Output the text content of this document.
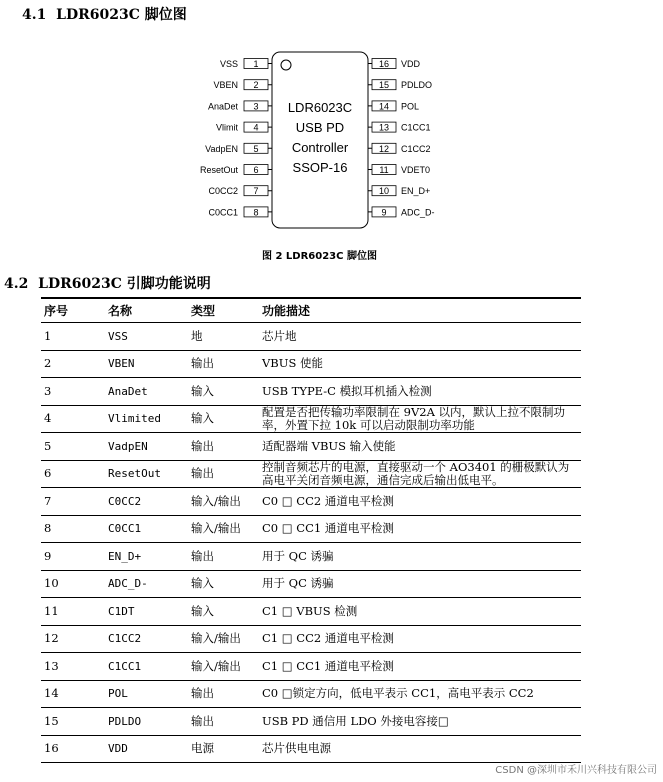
4.1 LDR6023C 脚位图
LDR6023C
USB PD
Controller
SSOP-16
1
VSS
2
VBEN
3
AnaDet
4
Vlimit
5
VadpEN
6
ResetOut
7
C0CC2
8
C0CC1
16 VDD
15 PDLDO
14 POL
13 C1CC1
12 C1CC2
11 VDET0
10 EN_D+
9 ADC_D-
图 2 LDR6023C 脚位图
4.2 LDR6023C 引脚功能说明
序号	名称	类型	功能描述
1	VSS	地	芯片地
2	VBEN	输出	VBUS 使能
3	AnaDet	输入	USB TYPE-C 模拟耳机插入检测
4	Vlimited	输入	配置是否把传输功率限制在 9V2A 以内，默认上拉不限制功率，外置下拉 10k 可以启动限制功率功能
5	VadpEN	输出	适配器端 VBUS 输入使能
6	ResetOut	输出	控制音频芯片的电源，直接驱动一个 AO3401 的栅极默认为高电平关闭音频电源，通信完成后输出低电平。
7	C0CC2	输入/输出	C0 □ CC2 通道电平检测
8	C0CC1	输入/输出	C0 □ CC1 通道电平检测
9	EN_D+	输出	用于 QC 诱骗
10	ADC_D-	输入	用于 QC 诱骗
11	C1DT	输入	C1 □ VBUS 检测
12	C1CC2	输入/输出	C1 □ CC2 通道电平检测
13	C1CC1	输入/输出	C1 □ CC1 通道电平检测
14	POL	输出	C0 □锁定方向，低电平表示 CC1，高电平表示 CC2
15	PDLDO	输出	USB PD 通信用 LDO 外接电容接□
16	VDD	电源	芯片供电电源
CSDN @深圳市禾川兴科技有限公司
